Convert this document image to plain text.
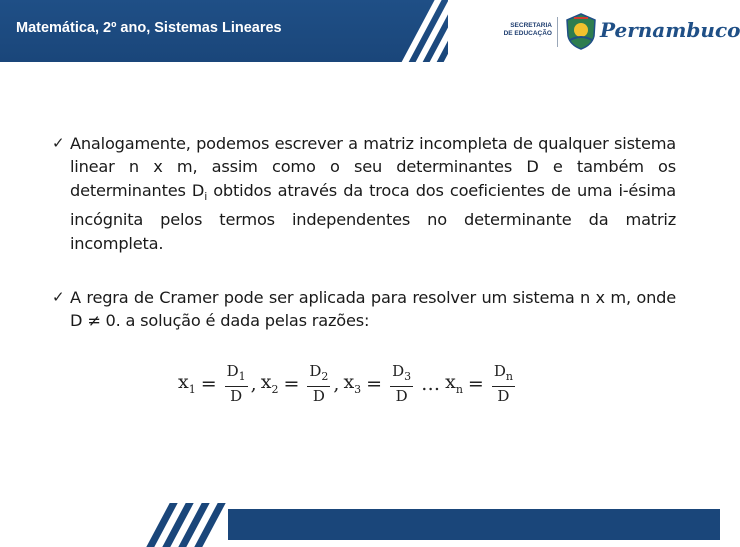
Matemática, 2º ano, Sistemas Lineares	SECRETARIA
DE EDUCAÇÃO Pernambuco
✓ Analogamente, podemos escrever a matriz incompleta de qualquer sistema linear n x m, assim como o seu determinantes D e também os determinantes $D_i$ obtidos através da troca dos coeficientes de uma i-ésima incógnita pelos termos independentes no determinante da matriz incompleta.
✓ A regra de Cramer pode ser aplicada para resolver um sistema n x m, onde D ≠ 0. a solução é dada pelas razões:
$x_1 = \frac{D_1}{D}$ , $x_2 = \frac{D_2}{D}$ , $x_3 = \frac{D_3}{D}$ … $x_n = \frac{D_n}{D}$
